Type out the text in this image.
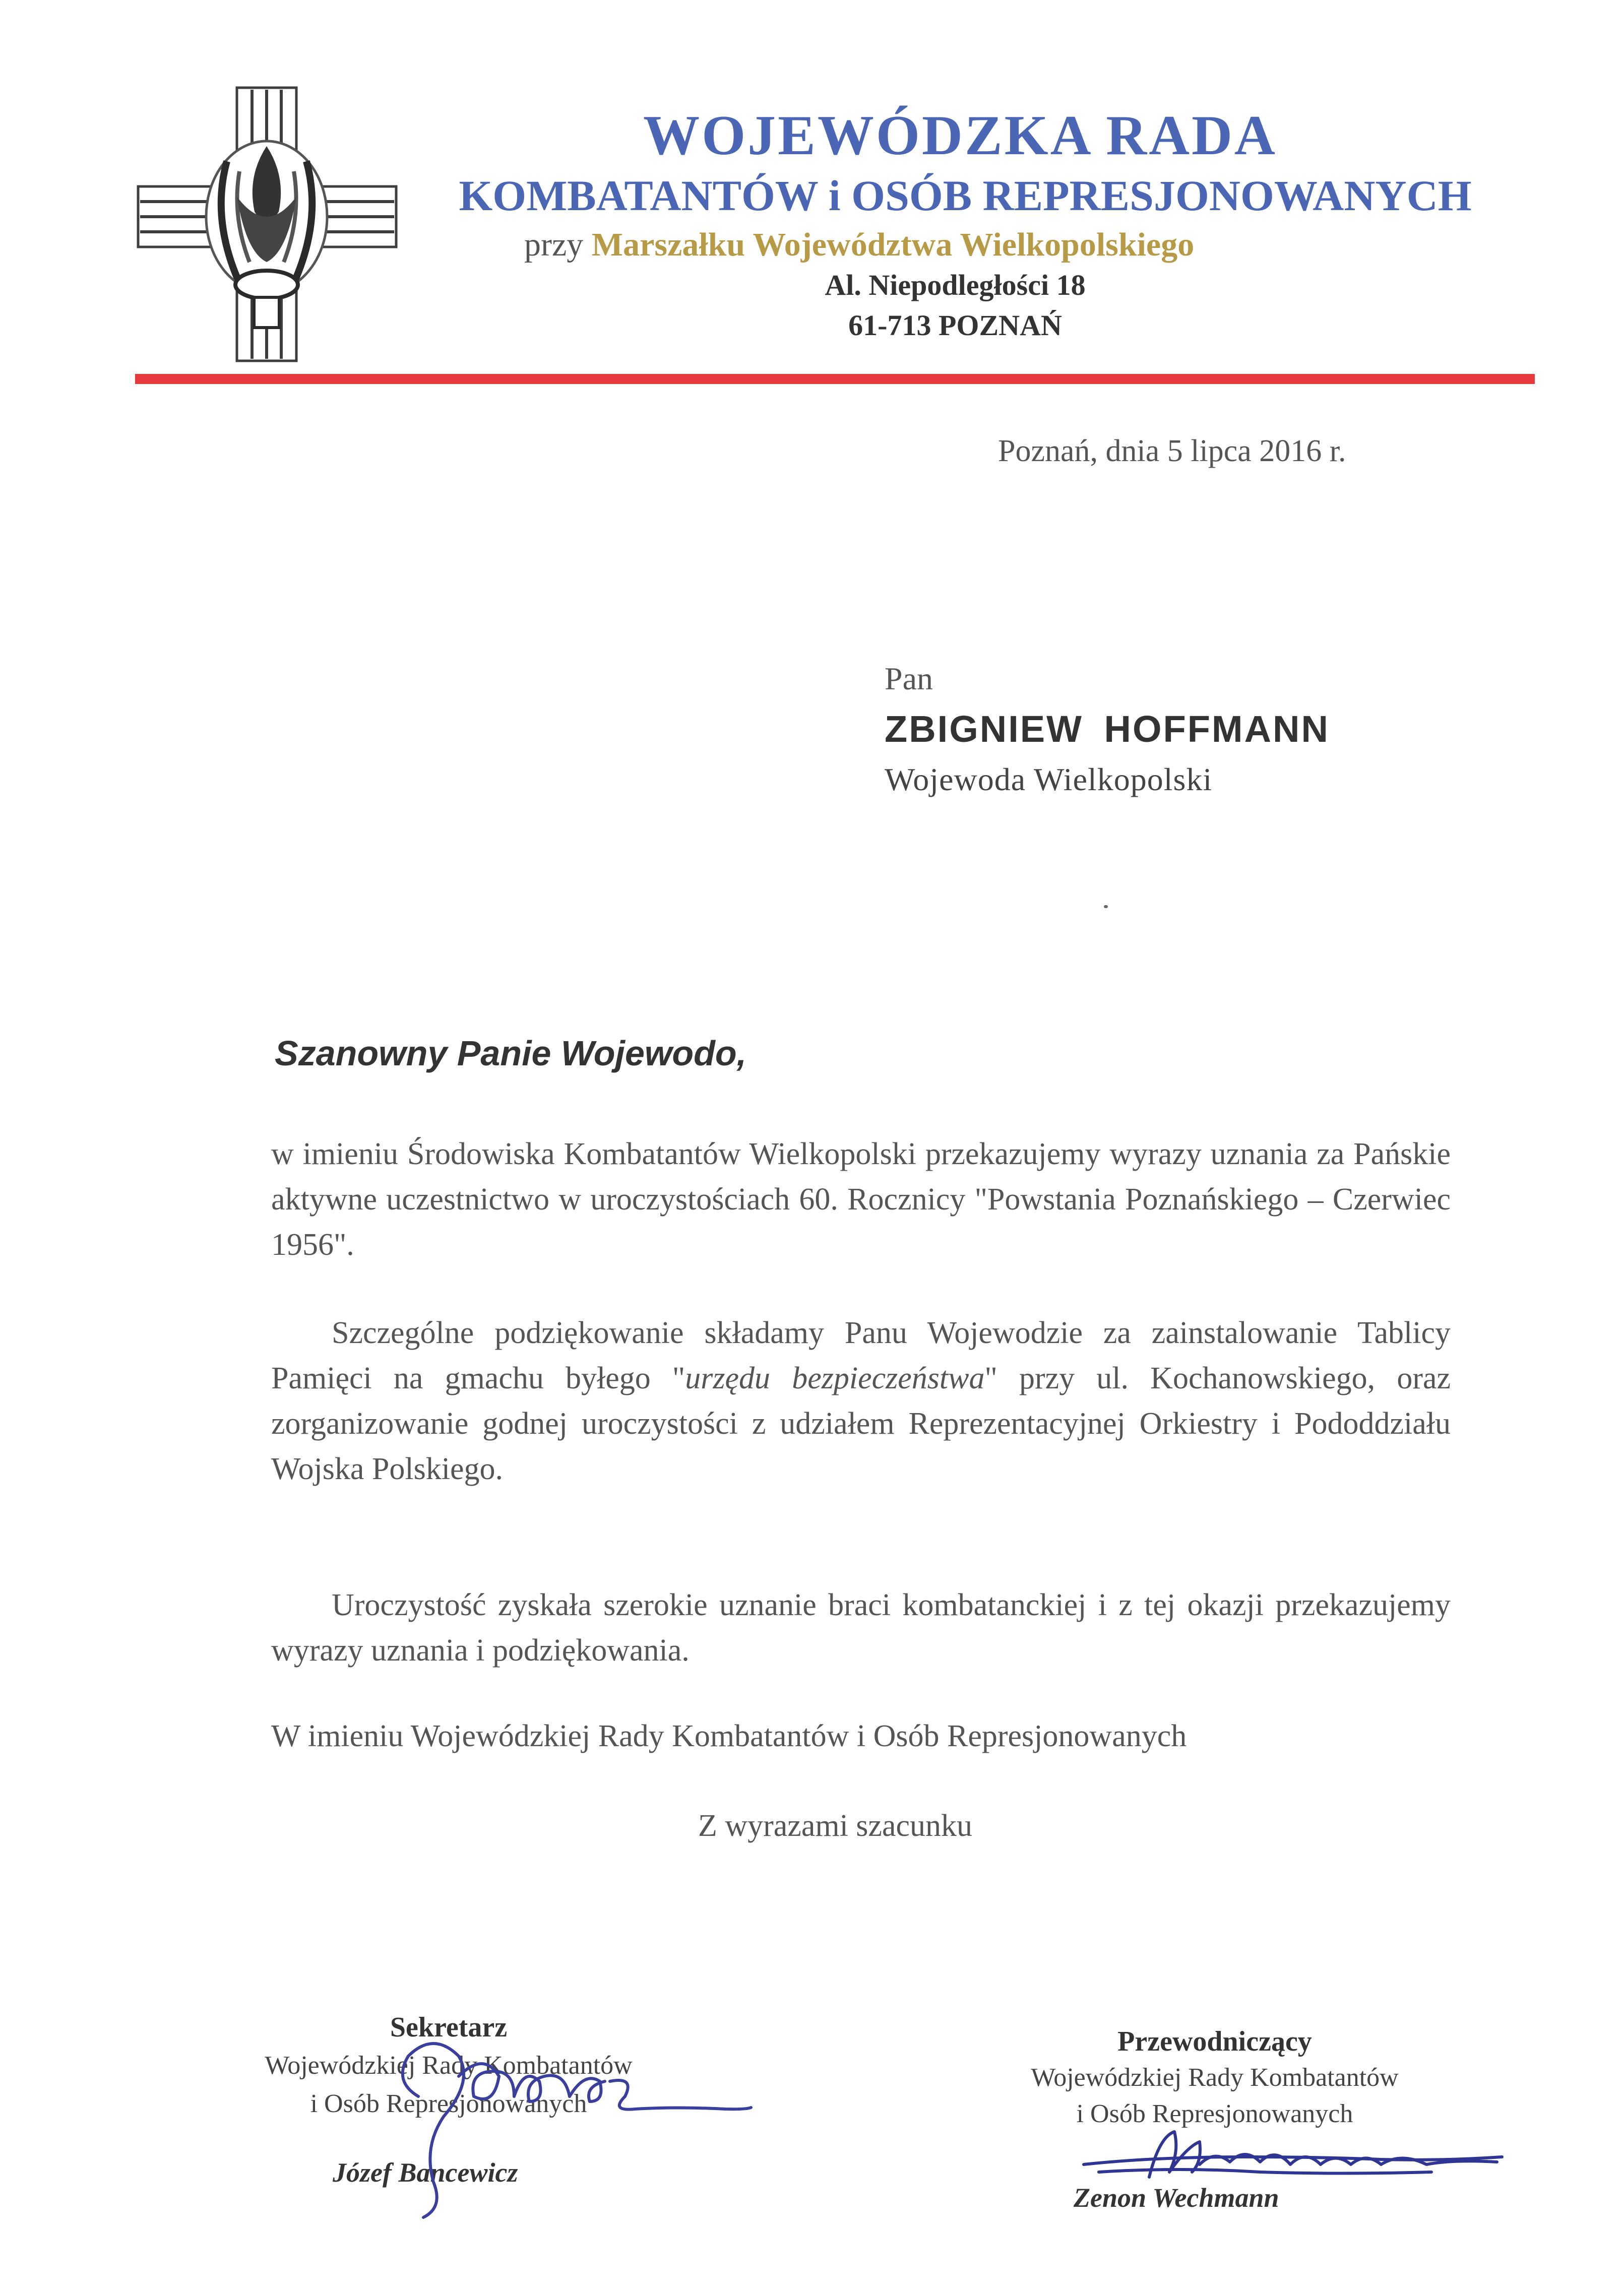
WOJEWÓDZKA RADA
KOMBATANTÓW i OSÓB REPRESJONOWANYCH
przy Marszałku Województwa Wielkopolskiego
Al. Niepodległości 18
61-713 POZNAŃ
Poznań, dnia 5 lipca 2016 r.
Pan
ZBIGNIEW HOFFMANN
Wojewoda Wielkopolski
Szanowny Panie Wojewodo,
w imieniu Środowiska Kombatantów Wielkopolski przekazujemy wyrazy uznania za Pańskie aktywne uczestnictwo w uroczystościach 60. Rocznicy "Powstania Poznańskiego – Czerwiec 1956".
Szczególne podziękowanie składamy Panu Wojewodzie za zainstalowanie Tablicy Pamięci na gmachu byłego "urzędu bezpieczeństwa" przy ul. Kochanowskiego, oraz zorganizowanie godnej uroczystości z udziałem Reprezentacyjnej Orkiestry i Pododdziału Wojska Polskiego.
Uroczystość zyskała szerokie uznanie braci kombatanckiej i z tej okazji przekazujemy wyrazy uznania i podziękowania.
W imieniu Wojewódzkiej Rady Kombatantów i Osób Represjonowanych
Z wyrazami szacunku
Sekretarz
Wojewódzkiej Rady Kombatantów
i Osób Represjonowanych
Józef Bancewicz
Przewodniczący
Wojewódzkiej Rady Kombatantów
i Osób Represjonowanych
Zenon Wechmann
